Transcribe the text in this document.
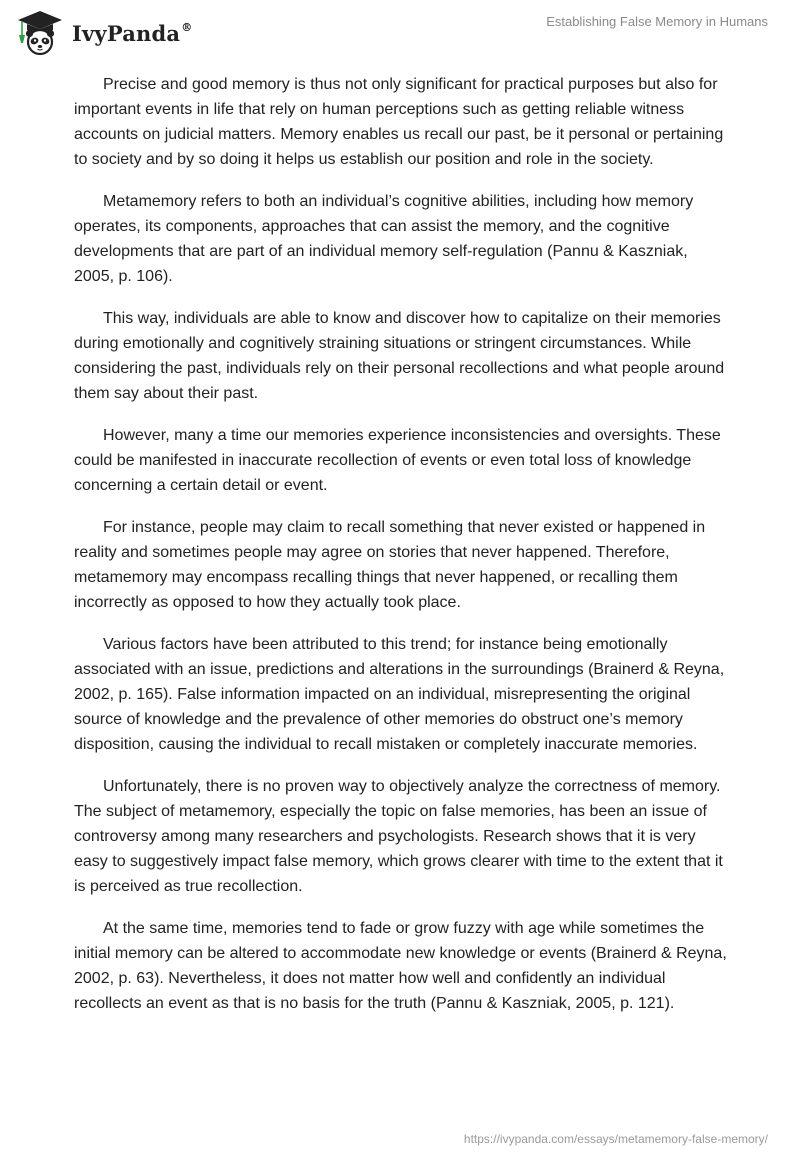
IvyPanda®	Establishing False Memory in Humans

Precise and good memory is thus not only significant for practical purposes but also for important events in life that rely on human perceptions such as getting reliable witness accounts on judicial matters. Memory enables us recall our past, be it personal or pertaining to society and by so doing it helps us establish our position and role in the society.

Metamemory refers to both an individual’s cognitive abilities, including how memory operates, its components, approaches that can assist the memory, and the cognitive developments that are part of an individual memory self-regulation (Pannu & Kaszniak, 2005, p. 106).

This way, individuals are able to know and discover how to capitalize on their memories during emotionally and cognitively straining situations or stringent circumstances. While considering the past, individuals rely on their personal recollections and what people around them say about their past.

However, many a time our memories experience inconsistencies and oversights. These could be manifested in inaccurate recollection of events or even total loss of knowledge concerning a certain detail or event.

For instance, people may claim to recall something that never existed or happened in reality and sometimes people may agree on stories that never happened. Therefore, metamemory may encompass recalling things that never happened, or recalling them incorrectly as opposed to how they actually took place.

Various factors have been attributed to this trend; for instance being emotionally associated with an issue, predictions and alterations in the surroundings (Brainerd & Reyna, 2002, p. 165). False information impacted on an individual, misrepresenting the original source of knowledge and the prevalence of other memories do obstruct one’s memory disposition, causing the individual to recall mistaken or completely inaccurate memories.

Unfortunately, there is no proven way to objectively analyze the correctness of memory. The subject of metamemory, especially the topic on false memories, has been an issue of controversy among many researchers and psychologists. Research shows that it is very easy to suggestively impact false memory, which grows clearer with time to the extent that it is perceived as true recollection.

At the same time, memories tend to fade or grow fuzzy with age while sometimes the initial memory can be altered to accommodate new knowledge or events (Brainerd & Reyna, 2002, p. 63). Nevertheless, it does not matter how well and confidently an individual recollects an event as that is no basis for the truth (Pannu & Kaszniak, 2005, p. 121).

https://ivypanda.com/essays/metamemory-false-memory/
